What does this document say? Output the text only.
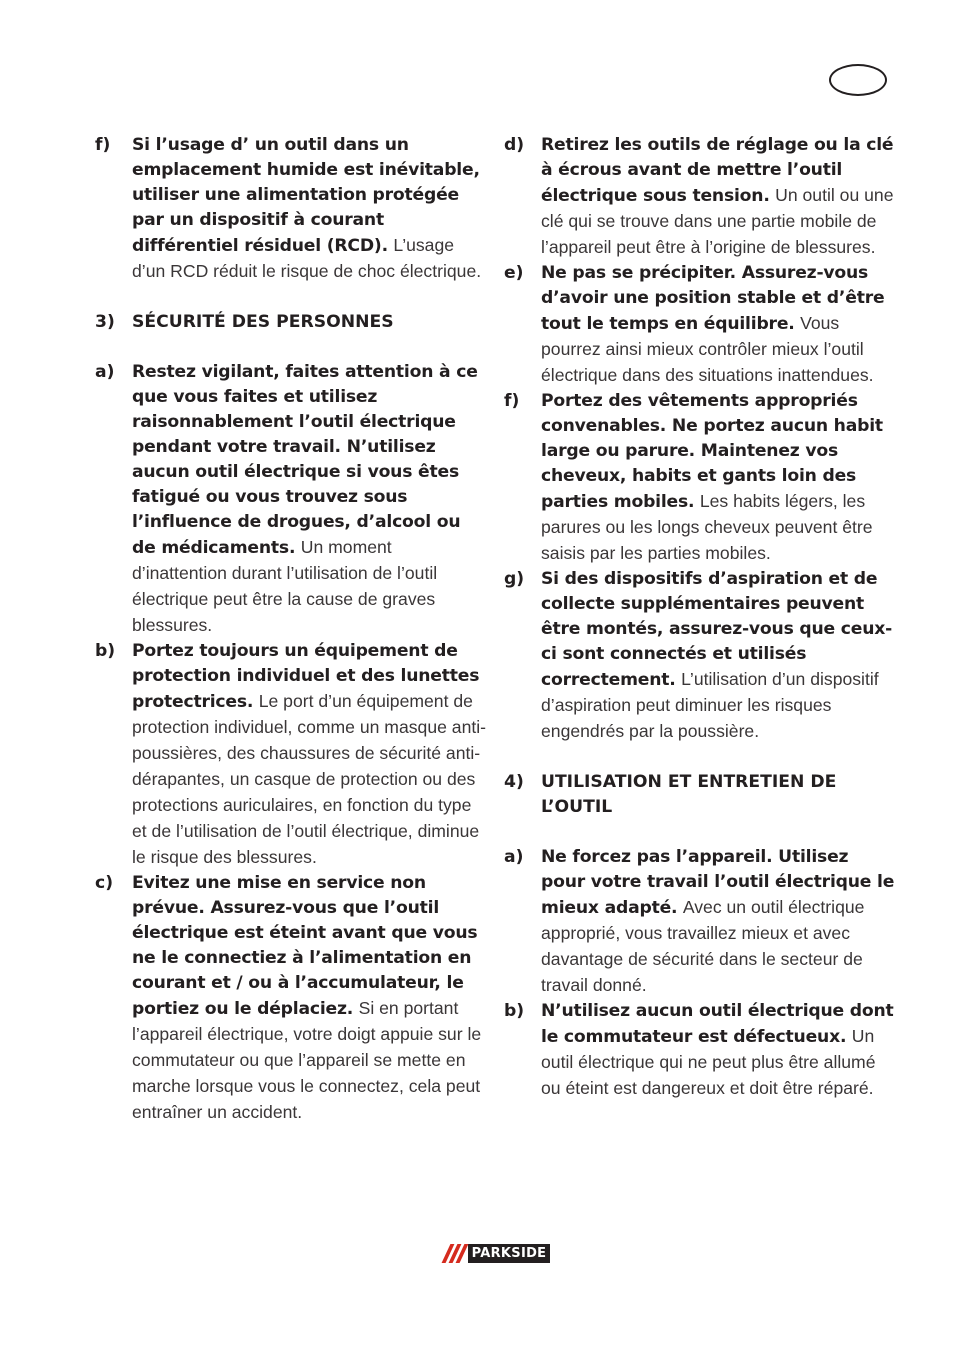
f) Si l’usage d’ un outil dans un emplacement humide est inévitable, utiliser une alimentation protégée par un dispositif à courant différentiel résiduel (RCD). L’usage d’un RCD réduit le risque de choc électrique.
3) SÉCURITÉ DES PERSONNES
a) Restez vigilant, faites attention à ce que vous faites et utilisez raisonnablement l’outil électrique pendant votre travail. N’utilisez aucun outil électrique si vous êtes fatigué ou vous trouvez sous l’influence de drogues, d’alcool ou de médicaments. Un moment d’inattention durant l’utilisation de l’outil électrique peut être la cause de graves blessures.
b) Portez toujours un équipement de protection individuel et des lunettes protectrices. Le port d’un équipement de protection individuel, comme un masque anti-poussières, des chaussures de sécurité anti-dérapantes, un casque de protection ou des protections auriculaires, en fonction du type et de l’utilisation de l’outil électrique, diminue le risque des blessures.
c) Evitez une mise en service non prévue. Assurez-vous que l’outil électrique est éteint avant que vous ne le connectiez à l’alimentation en courant et / ou à l’accumulateur, le portiez ou le déplaciez. Si en portant l’appareil électrique, votre doigt appuie sur le commutateur ou que l’appareil se mette en marche lorsque vous le connectez, cela peut entraîner un accident.
d) Retirez les outils de réglage ou la clé à écrous avant de mettre l’outil électrique sous tension. Un outil ou une clé qui se trouve dans une partie mobile de l’appareil peut être à l’origine de blessures.
e) Ne pas se précipiter. Assurez-vous d’avoir une position stable et d’être tout le temps en équilibre. Vous pourrez ainsi mieux contrôler mieux l’outil électrique dans des situations inattendues.
f) Portez des vêtements appropriés convenables. Ne portez aucun habit large ou parure. Maintenez vos cheveux, habits et gants loin des parties mobiles. Les habits légers, les parures ou les longs cheveux peuvent être saisis par les parties mobiles.
g) Si des dispositifs d’aspiration et de collecte supplémentaires peuvent être montés, assurez-vous que ceux-ci sont connectés et utilisés correctement. L’utilisation d’un dispositif d’aspiration peut diminuer les risques engendrés par la poussière.
4) UTILISATION ET ENTRETIEN DE L’OUTIL
a) Ne forcez pas l’appareil. Utilisez pour votre travail l’outil électrique le mieux adapté. Avec un outil électrique approprié, vous travaillez mieux et avec davantage de sécurité dans le secteur de travail donné.
b) N’utilisez aucun outil électrique dont le commutateur est défectueux. Un outil électrique qui ne peut plus être allumé ou éteint est dangereux et doit être réparé.
PARKSIDE
